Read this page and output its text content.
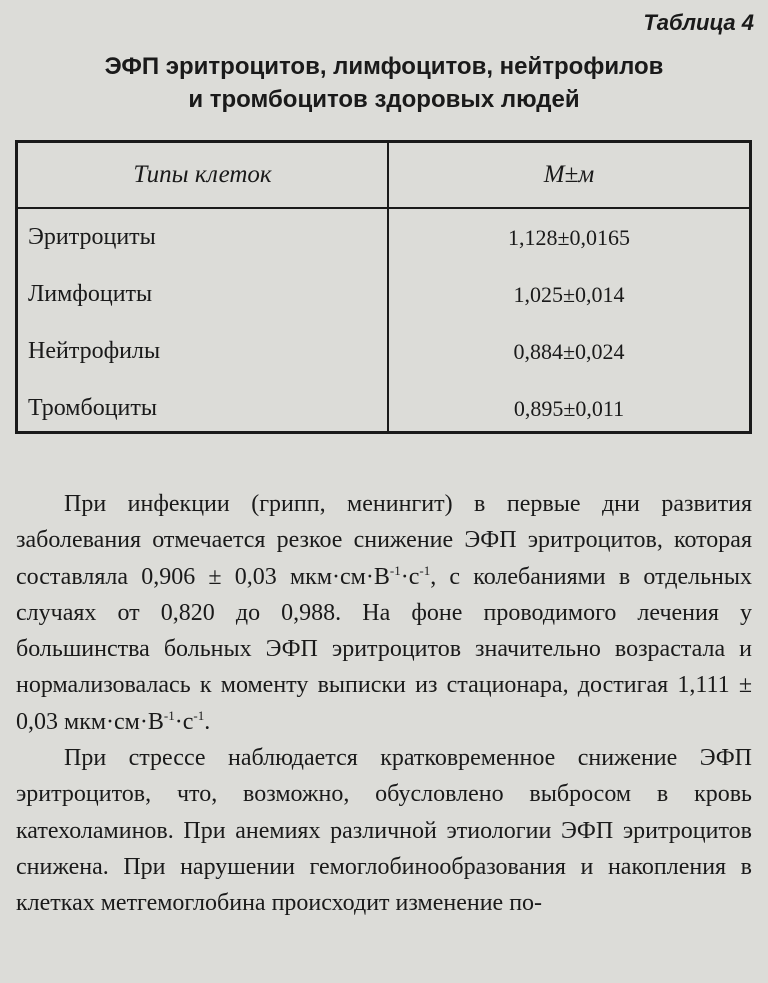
Таблица 4
ЭФП эритроцитов, лимфоцитов, нейтрофилов
и тромбоцитов здоровых людей
Типы клеток	М±м
Эритроциты	1,128±0,0165
Лимфоциты	1,025±0,014
Нейтрофилы	0,884±0,024
Тромбоциты	0,895±0,011

При инфекции (грипп, менингит) в первые дни развития заболевания отмечается резкое снижение ЭФП эритроцитов, которая составляла 0,906 ± 0,03 $мкм\cdot см\cdot В^{-1}\cdot с^{-1}$, с колебаниями в отдельных случаях от 0,820 до 0,988. На фоне проводимого лечения у большинства больных ЭФП эритроцитов значительно возрастала и нормализовалась к моменту выписки из стационара, достигая 1,111 ± 0,03 $мкм\cdot см\cdot В^{-1}\cdot с^{-1}$.

При стрессе наблюдается кратковременное снижение ЭФП эритроцитов, что, возможно, обусловлено выбросом в кровь катехоламинов. При анемиях различной этиологии ЭФП эритроцитов снижена. При нарушении гемоглобинообразования и накопления в клетках метгемоглобина происходит изменение по-
